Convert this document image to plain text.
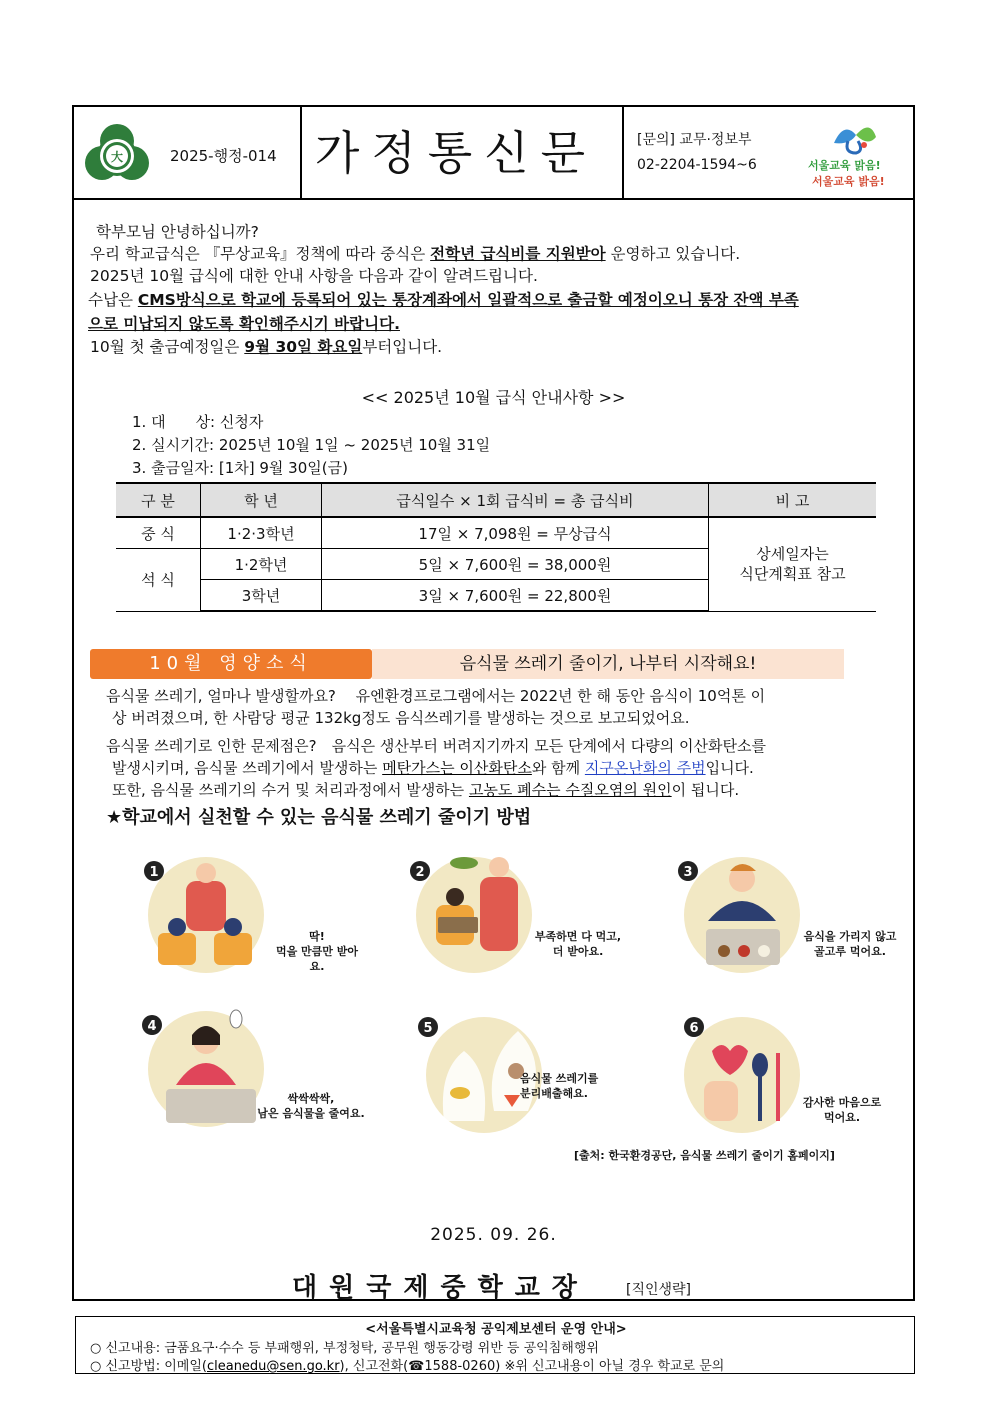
大	2025-행정-014 가정통신문	[문의] 교무·정보부
02-2204-1594~6	서울교육 맑음!
서울교육 밝음!
학부모님 안녕하십니까?
우리 학교급식은 『무상교육』정책에 따라 중식은 전학년 급식비를 지원받아 운영하고 있습니다.
2025년 10월 급식에 대한 안내 사항을 다음과 같이 알려드립니다.
수납은 CMS방식으로 학교에 등록되어 있는 통장계좌에서 일괄적으로 출금할 예정이오니 통장 잔액 부족
으로 미납되지 않도록 확인해주시기 바랍니다.
10월 첫 출금예정일은 9월 30일 화요일부터입니다.
<< 2025년 10월 급식 안내사항 >>
1. 대　　상: 신청자
2. 실시기간: 2025년 10월 1일 ~ 2025년 10월 31일
3. 출금일자: [1차] 9월 30일(금)
구 분	학 년	급식일수 × 1회 급식비 = 총 급식비	비 고
중 식	1·2·3학년	17일 × 7,098원 = 무상급식	상세일자는
식단계획표 참고
석 식	1·2학년	5일 × 7,600원 = 38,000원	
	3학년	3일 × 7,600원 = 22,800원	
10월 영양소식	음식물 쓰레기 줄이기, 나부터 시작해요!
음식물 쓰레기, 얼마나 발생할까요?　 유엔환경프로그램에서는 2022년 한 해 동안 음식이 10억톤 이
상 버려졌으며, 한 사람당 평균 132kg정도 음식쓰레기를 발생하는 것으로 보고되었어요.
음식물 쓰레기로 인한 문제점은?　음식은 생산부터 버려지기까지 모든 단계에서 다량의 이산화탄소를
발생시키며, 음식물 쓰레기에서 발생하는 메탄가스는 이산화탄소와 함께 지구온난화의 주범입니다.
또한, 음식물 쓰레기의 수거 및 처리과정에서 발생하는 고농도 폐수는 수질오염의 원인이 됩니다.
★학교에서 실천할 수 있는 음식물 쓰레기 줄이기 방법
1
딱!
먹을 만큼만 받아요.
2
부족하면 다 먹고,
더 받아요.
3
음식을 가리지 않고
골고루 먹어요.
4
싹싹싹싹,
남은 음식물을 줄여요.
5
음식물 쓰레기를
분리배출해요.
6
감사한 마음으로
먹어요.
[출처: 한국환경공단, 음식물 쓰레기 줄이기 홈페이지]
2025. 09. 26.
대원국제중학교장	[직인생략]
<서울특별시교육청 공익제보센터 운영 안내>
○ 신고내용: 금품요구·수수 등 부패행위, 부정청탁, 공무원 행동강령 위반 등 공익침해행위
○ 신고방법: 이메일(cleanedu@sen.go.kr), 신고전화(☎1588-0260) ※위 신고내용이 아닐 경우 학교로 문의
